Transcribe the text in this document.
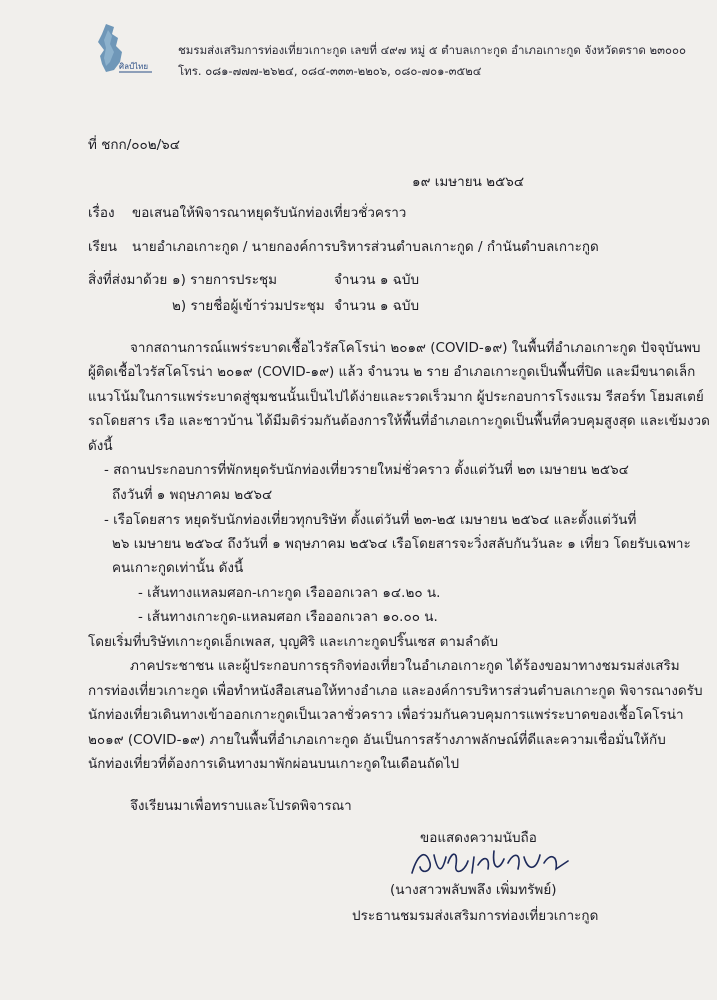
ศิลป์ไทย
ชมรมส่งเสริมการท่องเที่ยวเกาะกูด เลขที่ ๔๙๗ หมู่ ๕ ตำบลเกาะกูด อำเภอเกาะกูด จังหวัดตราด ๒๓๐๐๐
โทร. ๐๘๑-๗๗๗-๒๖๒๔, ๐๘๔-๓๓๓-๒๒๐๖, ๐๘๐-๗๐๑-๓๕๒๔
ที่ ชกก/๐๐๒/๖๔
๑๙ เมษายน ๒๕๖๔
เรื่อง ขอเสนอให้พิจารณาหยุดรับนักท่องเที่ยวชั่วคราว
เรียน นายอำเภอเกาะกูด / นายกองค์การบริหารส่วนตำบลเกาะกูด / กำนันตำบลเกาะกูด
สิ่งที่ส่งมาด้วย ๑) รายการประชุม	จำนวน ๑ ฉบับ
๒) รายชื่อผู้เข้าร่วมประชุม จำนวน ๑ ฉบับ
จากสถานการณ์แพร่ระบาดเชื้อไวรัสโคโรน่า ๒๐๑๙ (COVID-๑๙) ในพื้นที่อำเภอเกาะกูด ปัจจุบันพบ
ผู้ติดเชื้อไวรัสโคโรน่า ๒๐๑๙ (COVID-๑๙) แล้ว จำนวน ๒ ราย อำเภอเกาะกูดเป็นพื้นที่ปิด และมีขนาดเล็ก
แนวโน้มในการแพร่ระบาดสู่ชุมชนนั้นเป็นไปได้ง่ายและรวดเร็วมาก ผู้ประกอบการโรงแรม รีสอร์ท โฮมสเตย์
รถโดยสาร เรือ และชาวบ้าน ได้มีมติร่วมกันต้องการให้พื้นที่อำเภอเกาะกูดเป็นพื้นที่ควบคุมสูงสุด และเข้มงวด
ดังนี้
- สถานประกอบการที่พักหยุดรับนักท่องเที่ยวรายใหม่ชั่วคราว ตั้งแต่วันที่ ๒๓ เมษายน ๒๕๖๔
ถึงวันที่ ๑ พฤษภาคม ๒๕๖๔
- เรือโดยสาร หยุดรับนักท่องเที่ยวทุกบริษัท ตั้งแต่วันที่ ๒๓-๒๕ เมษายน ๒๕๖๔ และตั้งแต่วันที่
๒๖ เมษายน ๒๕๖๔ ถึงวันที่ ๑ พฤษภาคม ๒๕๖๔ เรือโดยสารจะวิ่งสลับกันวันละ ๑ เที่ยว โดยรับเฉพาะ
คนเกาะกูดเท่านั้น ดังนี้
- เส้นทางแหลมศอก-เกาะกูด เรือออกเวลา ๑๔.๒๐ น.
- เส้นทางเกาะกูด-แหลมศอก เรือออกเวลา ๑๐.๐๐ น.
โดยเริ่มที่บริษัทเกาะกูดเอ็กเพลส, บุญศิริ และเกาะกูดปริ๊นเซส ตามลำดับ
ภาคประชาชน และผู้ประกอบการธุรกิจท่องเที่ยวในอำเภอเกาะกูด ได้ร้องขอมาทางชมรมส่งเสริม
การท่องเที่ยวเกาะกูด เพื่อทำหนังสือเสนอให้ทางอำเภอ และองค์การบริหารส่วนตำบลเกาะกูด พิจารณางดรับ
นักท่องเที่ยวเดินทางเข้าออกเกาะกูดเป็นเวลาชั่วคราว เพื่อร่วมกันควบคุมการแพร่ระบาดของเชื้อโคโรน่า
๒๐๑๙ (COVID-๑๙) ภายในพื้นที่อำเภอเกาะกูด อันเป็นการสร้างภาพลักษณ์ที่ดีและความเชื่อมั่นให้กับ
นักท่องเที่ยวที่ต้องการเดินทางมาพักผ่อนบนเกาะกูดในเดือนถัดไป
จึงเรียนมาเพื่อทราบและโปรดพิจารณา
ขอแสดงความนับถือ
(นางสาวพลับพลึง เพิ่มทรัพย์)
ประธานชมรมส่งเสริมการท่องเที่ยวเกาะกูด
